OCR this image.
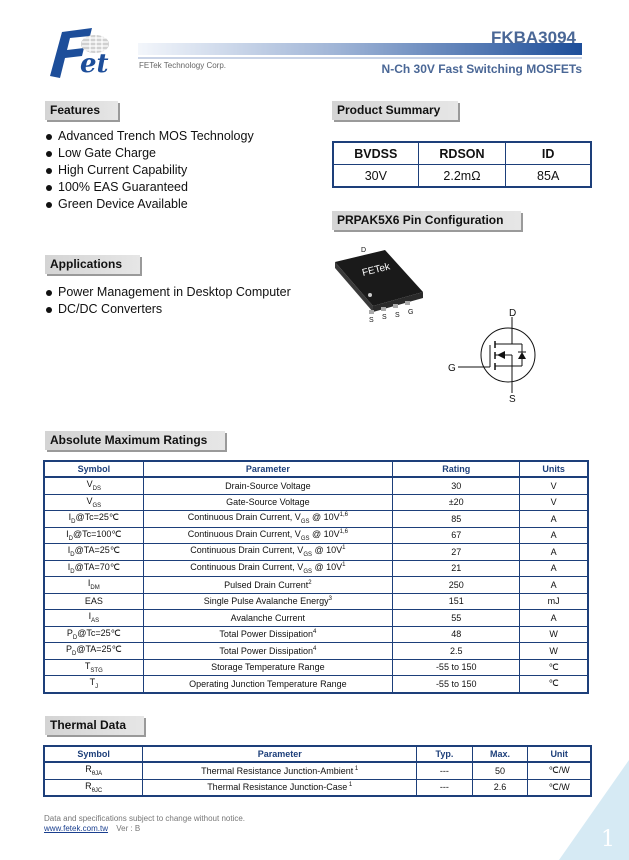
et	FETek Technology Corp.
FKBA3094
N-Ch 30V Fast Switching MOSFETs
Features
Advanced Trench MOS Technology
Low Gate Charge
High Current Capability
100% EAS Guaranteed
Green Device Available
Applications
Power Management in Desktop Computer
DC/DC Converters
Product Summary
BVDSS	RDSON	ID
30V	2.2mΩ	85A
PRPAK5X6 Pin Configuration
FETek
D
S S S G	D
G
S
Absolute Maximum Ratings
Symbol	Parameter	Rating	Units
$V_{DS}$	Drain-Source Voltage	30	V
$V_{GS}$	Gate-Source Voltage	±20	V
$I_D@Tc=25℃$	Continuous Drain Current, $V_{GS}$ @ $10V^{1,6}$	85	A
$I_D@Tc=100℃$	Continuous Drain Current, $V_{GS}$ @ $10V^{1,6}$	67	A
$I_D@TA=25℃$	Continuous Drain Current, $V_{GS}$ @ $10V^1$	27	A
$I_D@TA=70℃$	Continuous Drain Current, $V_{GS}$ @ $10V^1$	21	A
$I_{DM}$	Pulsed Drain Current$^2$	250	A
EAS	Single Pulse Avalanche Energy$^3$	151	mJ
$I_{AS}$	Avalanche Current	55	A
$P_D@Tc=25℃$	Total Power Dissipation$^4$	48	W
$P_D@TA=25℃$	Total Power Dissipation$^4$	2.5	W
$T_{STG}$	Storage Temperature Range	-55 to 150	℃
$T_J$	Operating Junction Temperature Range	-55 to 150	℃
Thermal Data
Symbol	Parameter	Typ.	Max.	Unit
$R_{\theta JA}$	Thermal Resistance Junction-Ambient $^1$	---	50	℃/W
$R_{\theta JC}$	Thermal Resistance Junction-Case $^1$	---	2.6	℃/W
Data and specifications subject to change without notice.
www.fetek.com.tw Ver : B	1
